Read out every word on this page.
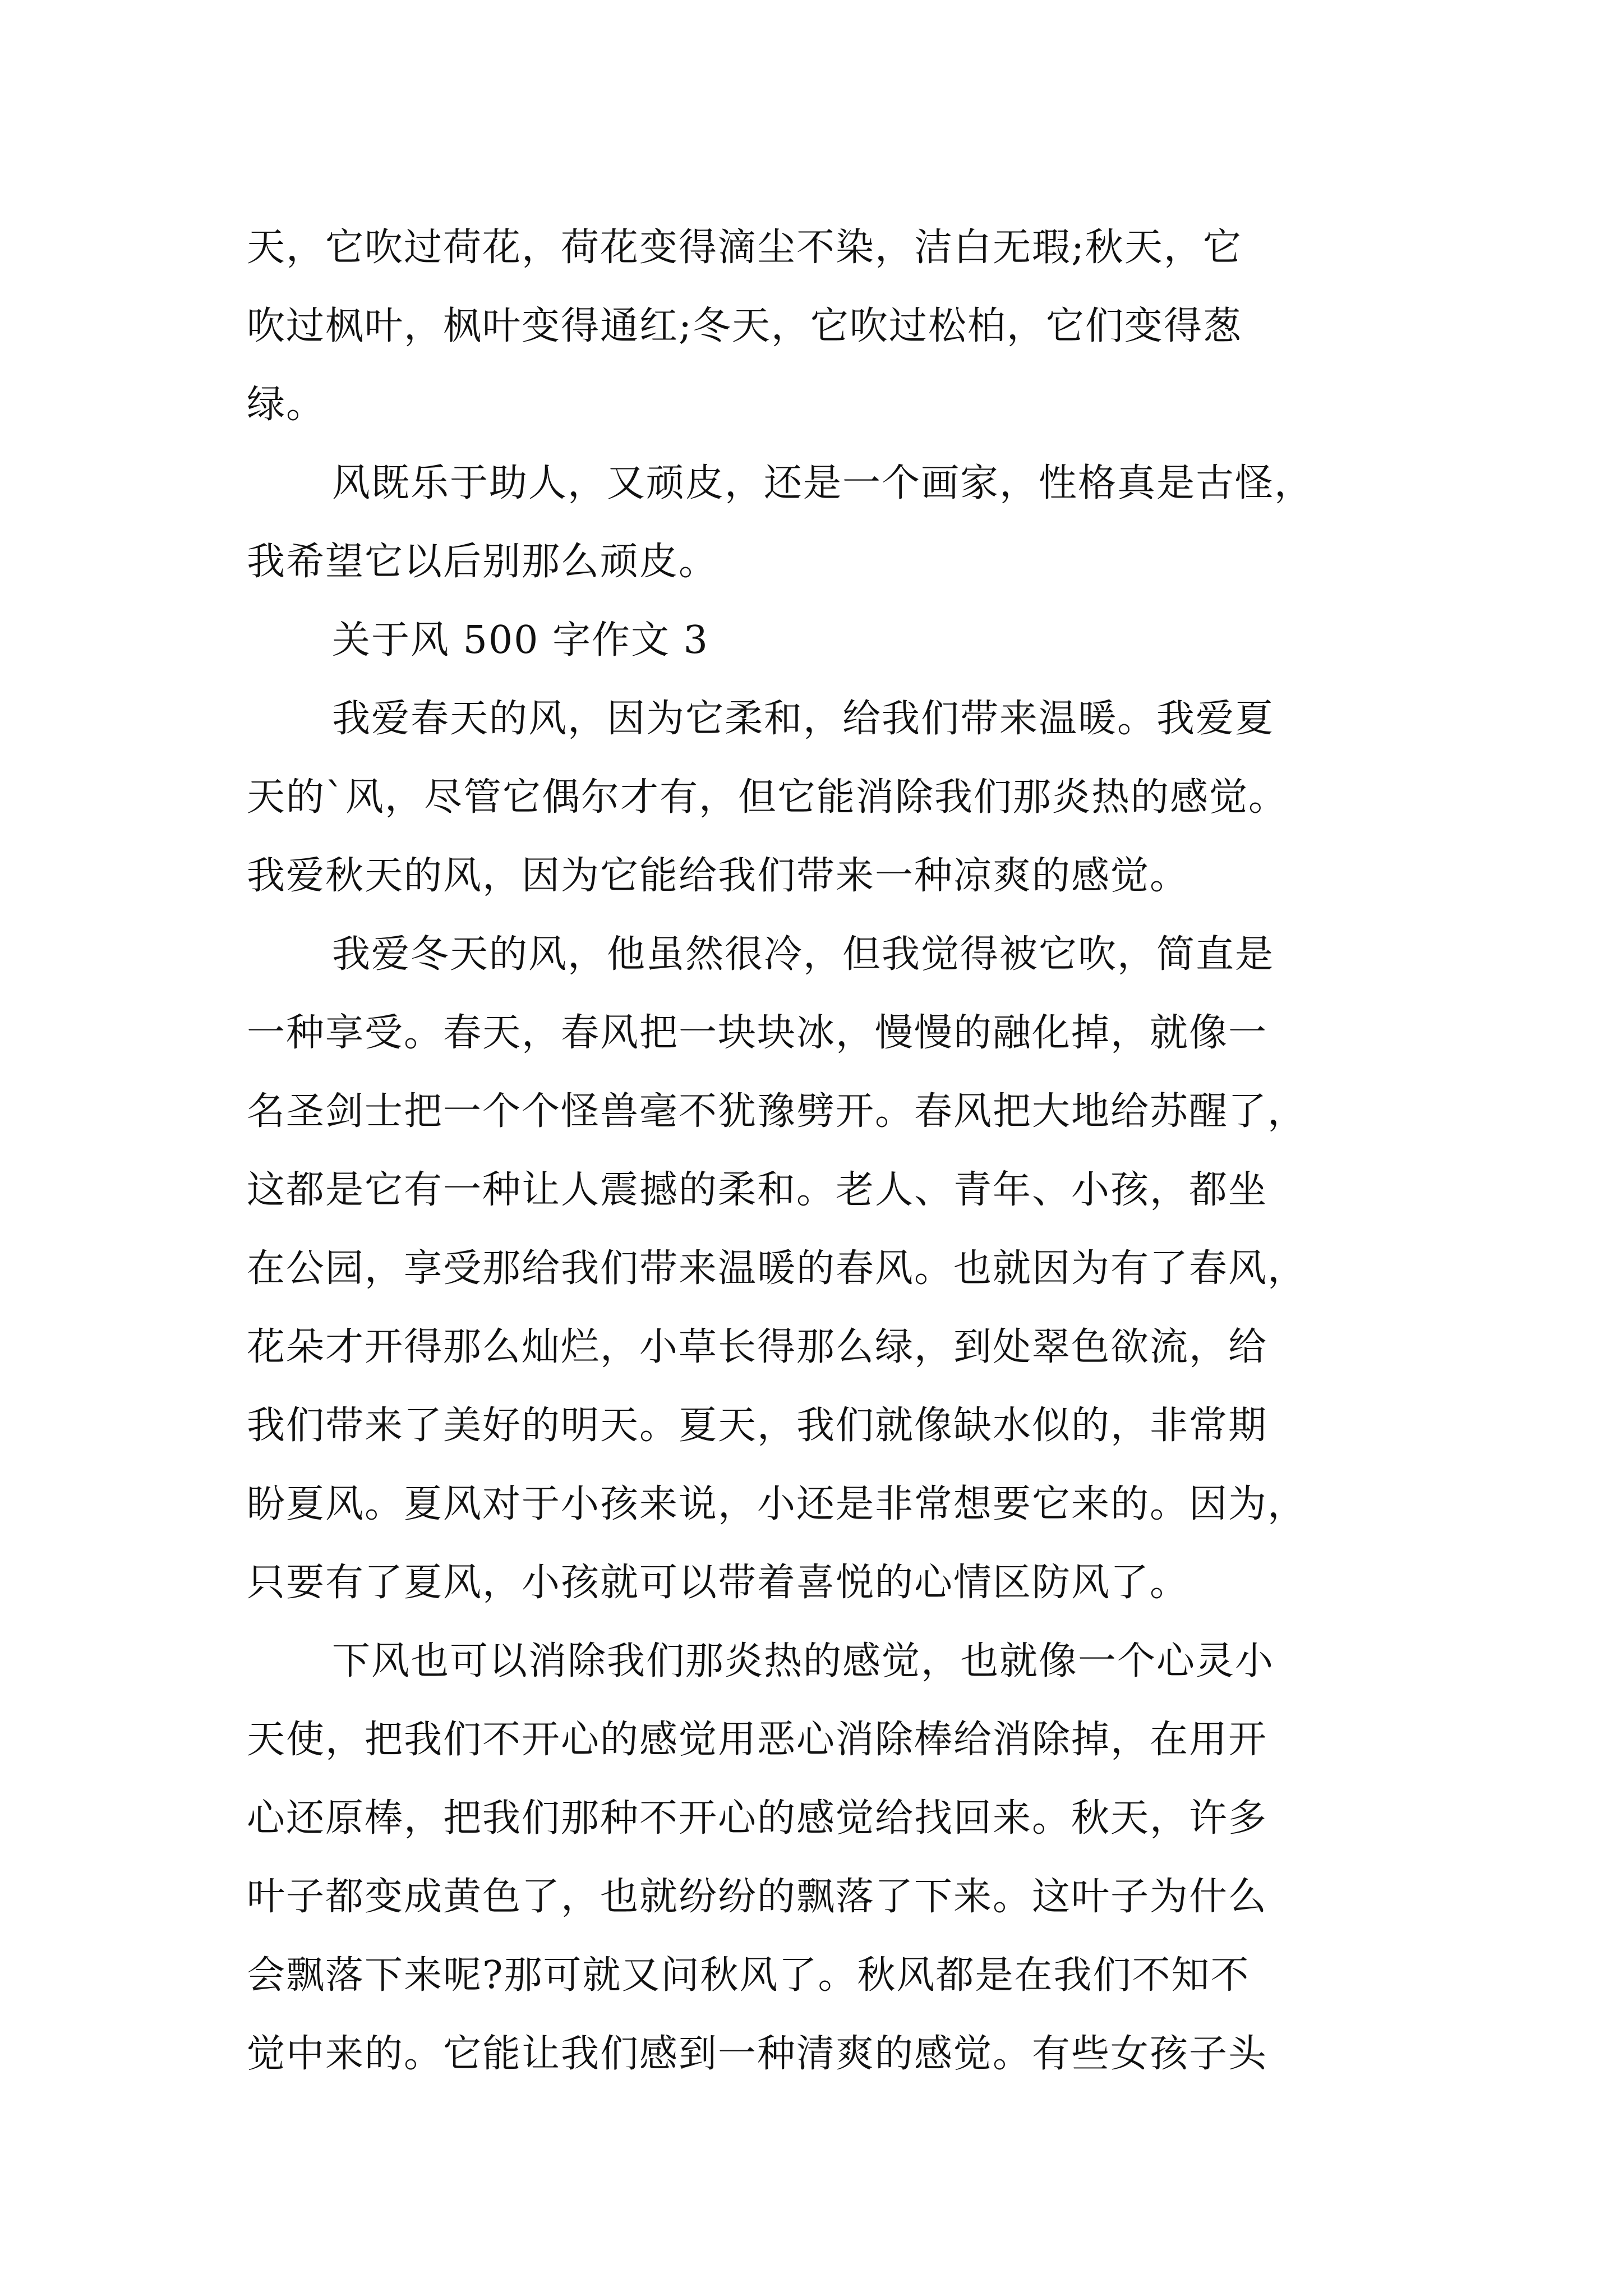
天，它吹过荷花，荷花变得滴尘不染，洁白无瑕;秋天，它
吹过枫叶，枫叶变得通红;冬天，它吹过松柏，它们变得葱
绿。
风既乐于助人，又顽皮，还是一个画家，性格真是古怪，
我希望它以后别那么顽皮。
关于风 500 字作文 3
我爱春天的风，因为它柔和，给我们带来温暖。我爱夏
天的`风，尽管它偶尔才有，但它能消除我们那炎热的感觉。
我爱秋天的风，因为它能给我们带来一种凉爽的感觉。
我爱冬天的风，他虽然很冷，但我觉得被它吹，简直是
一种享受。春天，春风把一块块冰，慢慢的融化掉，就像一
名圣剑士把一个个怪兽毫不犹豫劈开。春风把大地给苏醒了，
这都是它有一种让人震撼的柔和。老人、青年、小孩，都坐
在公园，享受那给我们带来温暖的春风。也就因为有了春风，
花朵才开得那么灿烂，小草长得那么绿，到处翠色欲流，给
我们带来了美好的明天。夏天，我们就像缺水似的，非常期
盼夏风。夏风对于小孩来说，小还是非常想要它来的。因为，
只要有了夏风，小孩就可以带着喜悦的心情区防风了。
下风也可以消除我们那炎热的感觉，也就像一个心灵小
天使，把我们不开心的感觉用恶心消除棒给消除掉，在用开
心还原棒，把我们那种不开心的感觉给找回来。秋天，许多
叶子都变成黄色了，也就纷纷的飘落了下来。这叶子为什么
会飘落下来呢?那可就又问秋风了。秋风都是在我们不知不
觉中来的。它能让我们感到一种清爽的感觉。有些女孩子头
